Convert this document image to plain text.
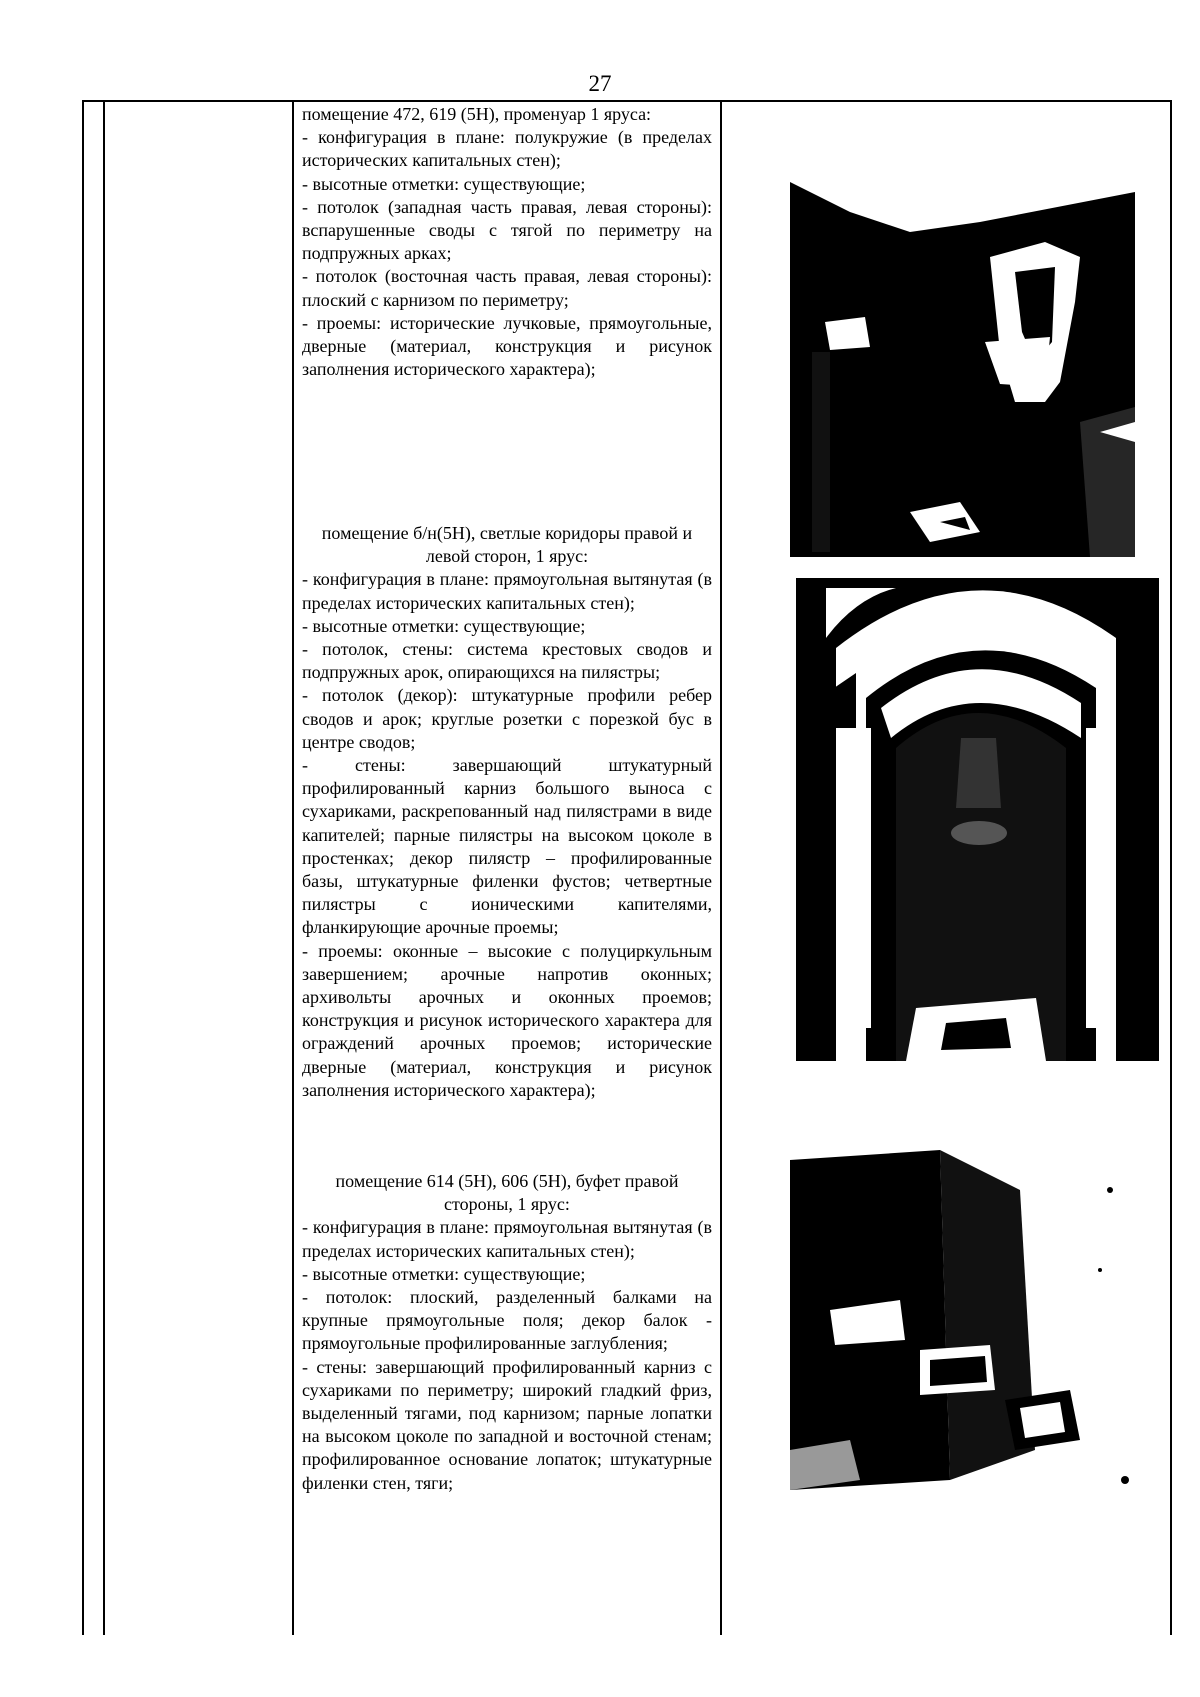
27

помещение 472, 619 (5Н), променуар 1 яруса:

- конфигурация в плане: полукружие (в пределах исторических капитальных стен);

- высотные отметки: существующие;

- потолок (западная часть правая, левая стороны): вспарушенные своды с тягой по периметру на подпружных арках;

- потолок (восточная часть правая, левая стороны): плоский с карнизом по периметру;

- проемы: исторические лучковые, прямоугольные, дверные (материал, конструкция и рисунок заполнения исторического характера);

помещение б/н(5Н), светлые коридоры правой и левой сторон, 1 ярус:

- конфигурация в плане: прямоугольная вытянутая (в пределах исторических капитальных стен);

- высотные отметки: существующие;

- потолок, стены: система крестовых сводов и подпружных арок, опирающихся на пилястры;

- потолок (декор): штукатурные профили ребер сводов и арок; круглые розетки с порезкой бус в центре сводов;

- стены: завершающий штукатурный профилированный карниз большого выноса с сухариками, раскрепованный над пилястрами в виде капителей; парные пилястры на высоком цоколе в простенках; декор пилястр – профилированные базы, штукатурные филенки фустов; четвертные пилястры с ионическими капителями, фланкирующие арочные проемы;

- проемы: оконные – высокие с полуциркульным завершением; арочные напротив оконных; архивольты арочных и оконных проемов; конструкция и рисунок исторического характера для ограждений арочных проемов; исторические дверные (материал, конструкция и рисунок заполнения исторического характера);

помещение 614 (5Н), 606 (5Н), буфет правой стороны, 1 ярус:

- конфигурация в плане: прямоугольная вытянутая (в пределах исторических капитальных стен);

- высотные отметки: существующие;

- потолок: плоский, разделенный балками на крупные прямоугольные поля; декор балок - прямоугольные профилированные заглубления;

- стены: завершающий профилированный карниз с сухариками по периметру; широкий гладкий фриз, выделенный тягами, под карнизом; парные лопатки на высоком цоколе по западной и восточной стенам; профилированное основание лопаток; штукатурные филенки стен, тяги;
